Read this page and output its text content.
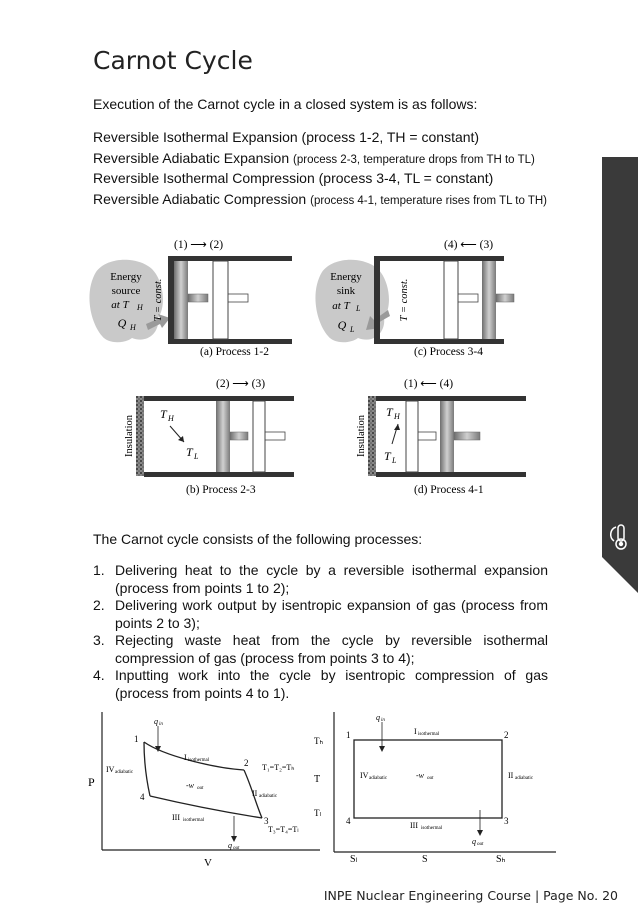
Carnot Cycle
Execution of the Carnot cycle in a closed system is as follows:
Reversible Isothermal Expansion (process 1-2, TH = constant)
Reversible Adiabatic Expansion (process 2-3, temperature drops from TH to TL)
Reversible Isothermal Compression (process 3-4, TL = constant)
Reversible Adiabatic Compression (process 4-1, temperature rises from TL to TH)
(1) ⟶ (2)
Energy
source
at T H
Q H
T = const.
(a) Process 1-2
(4) ⟵ (3)
Energy
sink
at T L
Q L
T = const.
(c) Process 3-4
(2) ⟶ (3)
Insulation
T H
T L
(b) Process 2-3
(1) ⟵ (4)
Insulation
T H
T L
(d) Process 4-1
The Carnot cycle consists of the following processes:
1. Delivering heat to the cycle by a reversible isothermal expansion (process from points 1 to 2);
2. Delivering work output by isentropic expansion of gas (process from points 2 to 3);
3. Rejecting waste heat from the cycle by reversible isothermal compression of gas (process from points 3 to 4);
4. Inputting work into the cycle by isentropic compression of gas (process from points 4 to 1).
P
V
1
2
3
4
q in
I isothermal
II adiabatic
IV adiabatic
III isothermal
-w out
T₁=T₂=Tₕ
T₃=T₄=Tₗ
q out
T
Tₕ
Tₗ
Sₗ	S	Sₕ
1	2
3
4
q in
I isothermal
II adiabatic
IV adiabatic
III isothermal
-w out
q out
INPE Nuclear Engineering Course | Page No. 20
